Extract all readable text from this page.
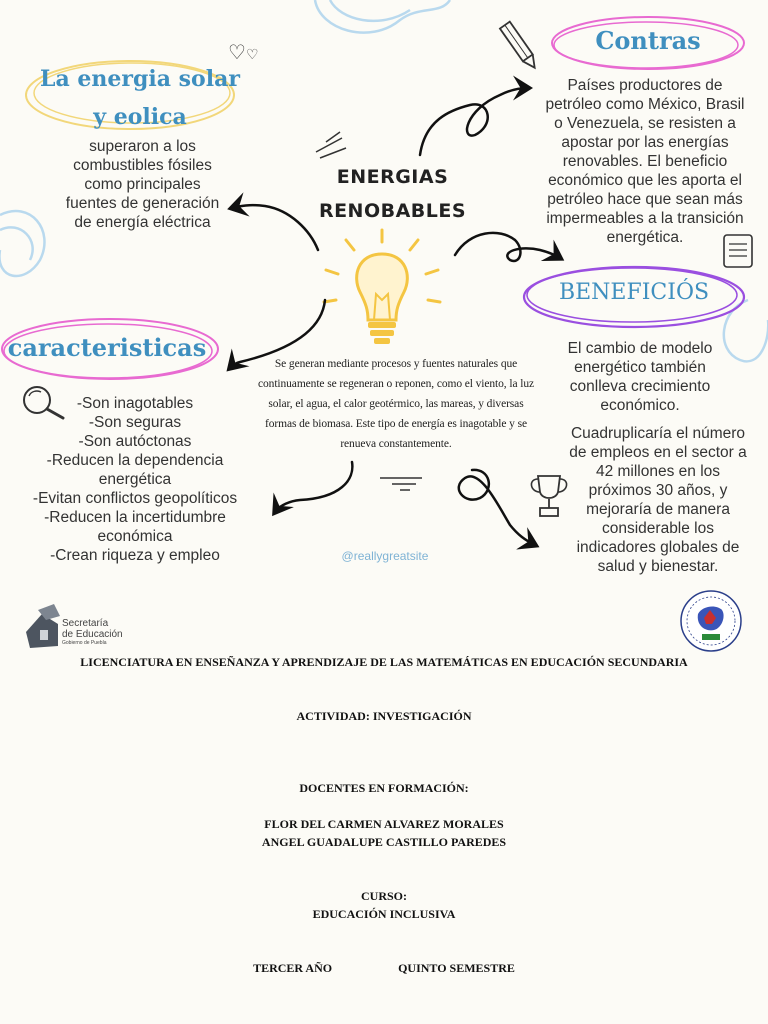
La energia solar
y eolica
♡♡
superaron a los
combustibles fósiles
como principales
fuentes de generación
de energía eléctrica
Contras
Países productores de
petróleo como México, Brasil
o Venezuela, se resisten a
apostar por las energías
renovables. El beneficio
económico que les aporta el
petróleo hace que sean más
impermeables a la transición
energética.
ENERGIAS
RENOBABLES
Se generan mediante procesos y fuentes naturales que continuamente se regeneran o reponen, como el viento, la luz solar, el agua, el calor geotérmico, las mareas, y diversas formas de biomasa. Este tipo de energía es inagotable y se renueva constantemente.
@reallygreatsite
BENEFICIÓS
El cambio de modelo
energético también
conlleva crecimiento
económico.
Cuadruplicaría el número
de empleos en el sector a
42 millones en los
próximos 30 años, y
mejoraría de manera
considerable los
indicadores globales de
salud y bienestar.
caracteristicas
-Son inagotables
-Son seguras
-Son autóctonas
-Reducen la dependencia
energética
-Evitan conflictos geopolíticos
-Reducen la incertidumbre
económica
-Crean riqueza y empleo
Secretaría
de Educación
Gobierno de Puebla
LICENCIATURA EN ENSEÑANZA Y APRENDIZAJE DE LAS MATEMÁTICAS EN EDUCACIÓN SECUNDARIA
ACTIVIDAD: INVESTIGACIÓN
DOCENTES EN FORMACIÓN:
FLOR DEL CARMEN ALVAREZ MORALES
ANGEL GUADALUPE CASTILLO PAREDES
CURSO:
EDUCACIÓN INCLUSIVA
TERCER AÑO	QUINTO SEMESTRE
